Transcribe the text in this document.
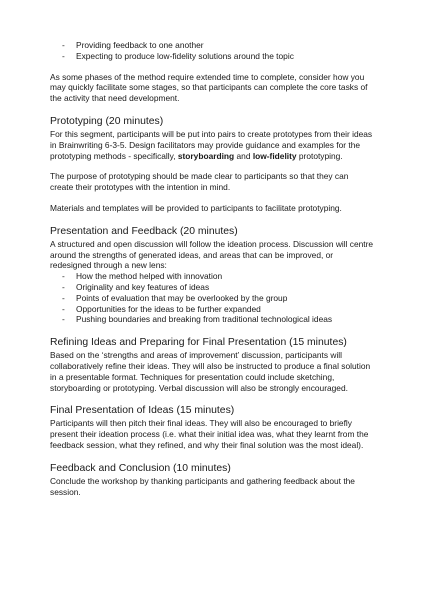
- Providing feedback to one another
- Expecting to produce low-fidelity solutions around the topic

As some phases of the method require extended time to complete, consider how you may quickly facilitate some stages, so that participants can complete the core tasks of the activity that need development.

Prototyping (20 minutes)

For this segment, participants will be put into pairs to create prototypes from their ideas in Brainwriting 6-3-5. Design facilitators may provide guidance and examples for the prototyping methods - specifically, storyboarding and low-fidelity prototyping.

The purpose of prototyping should be made clear to participants so that they can create their prototypes with the intention in mind.

Materials and templates will be provided to participants to facilitate prototyping.

Presentation and Feedback (20 minutes)

A structured and open discussion will follow the ideation process. Discussion will centre around the strengths of generated ideas, and areas that can be improved, or redesigned through a new lens:

- How the method helped with innovation
- Originality and key features of ideas
- Points of evaluation that may be overlooked by the group
- Opportunities for the ideas to be further expanded
- Pushing boundaries and breaking from traditional technological ideas
Refining Ideas and Preparing for Final Presentation (15 minutes)

Based on the ‘strengths and areas of improvement’ discussion, participants will collaboratively refine their ideas. They will also be instructed to produce a final solution in a presentable format. Techniques for presentation could include sketching, storyboarding or prototyping. Verbal discussion will also be strongly encouraged.

Final Presentation of Ideas (15 minutes)

Participants will then pitch their final ideas. They will also be encouraged to briefly present their ideation process (i.e. what their initial idea was, what they learnt from the feedback session, what they refined, and why their final solution was the most ideal).

Feedback and Conclusion (10 minutes)

Conclude the workshop by thanking participants and gathering feedback about the session.
